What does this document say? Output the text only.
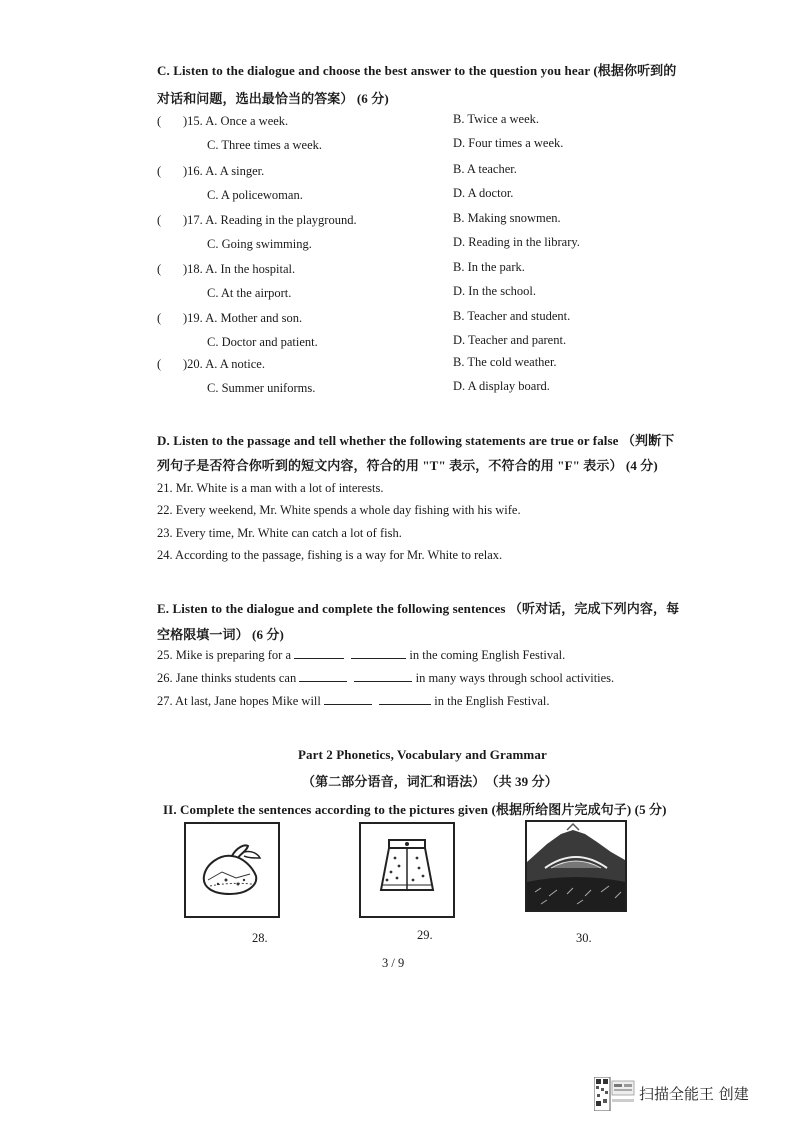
C. Listen to the dialogue and choose the best answer to the question you hear (根据你听到的
对话和问题，选出最恰当的答案） (6 分)
( )15. A. Once a week.	B. Twice a week.
C. Three times a week.	D. Four times a week.
( )16. A. A singer.	B. A teacher.
C. A policewoman.	D. A doctor.
( )17. A. Reading in the playground.	B. Making snowmen.
C. Going swimming.	D. Reading in the library.
( )18. A. In the hospital.	B. In the park.
C. At the airport.	D. In the school.
( )19. A. Mother and son.	B. Teacher and student.
C. Doctor and patient.	D. Teacher and parent.
( )20. A. A notice.	B. The cold weather.
C. Summer uniforms.	D. A display board.
D. Listen to the passage and tell whether the following statements are true or false （判断下
列句子是否符合你听到的短文内容，符合的用 "T" 表示，不符合的用 "F" 表示） (4 分)
21. Mr. White is a man with a lot of interests.
22. Every weekend, Mr. White spends a whole day fishing with his wife.
23. Every time, Mr. White can catch a lot of fish.
24. According to the passage, fishing is a way for Mr. White to relax.
E. Listen to the dialogue and complete the following sentences （听对话，完成下列内容，每
空格限填一词） (6 分)
25. Mike is preparing for a	in the coming English Festival.
26. Jane thinks students can	in many ways through school activities.
27. At last, Jane hopes Mike will	in the English Festival.
Part 2 Phonetics, Vocabulary and Grammar
（第二部分语音，词汇和语法）　（共 39 分）
II. Complete the sentences according to the pictures given (根据所给图片完成句子) (5 分)
28.	29.	30.
3 / 9
扫描全能王 创建
